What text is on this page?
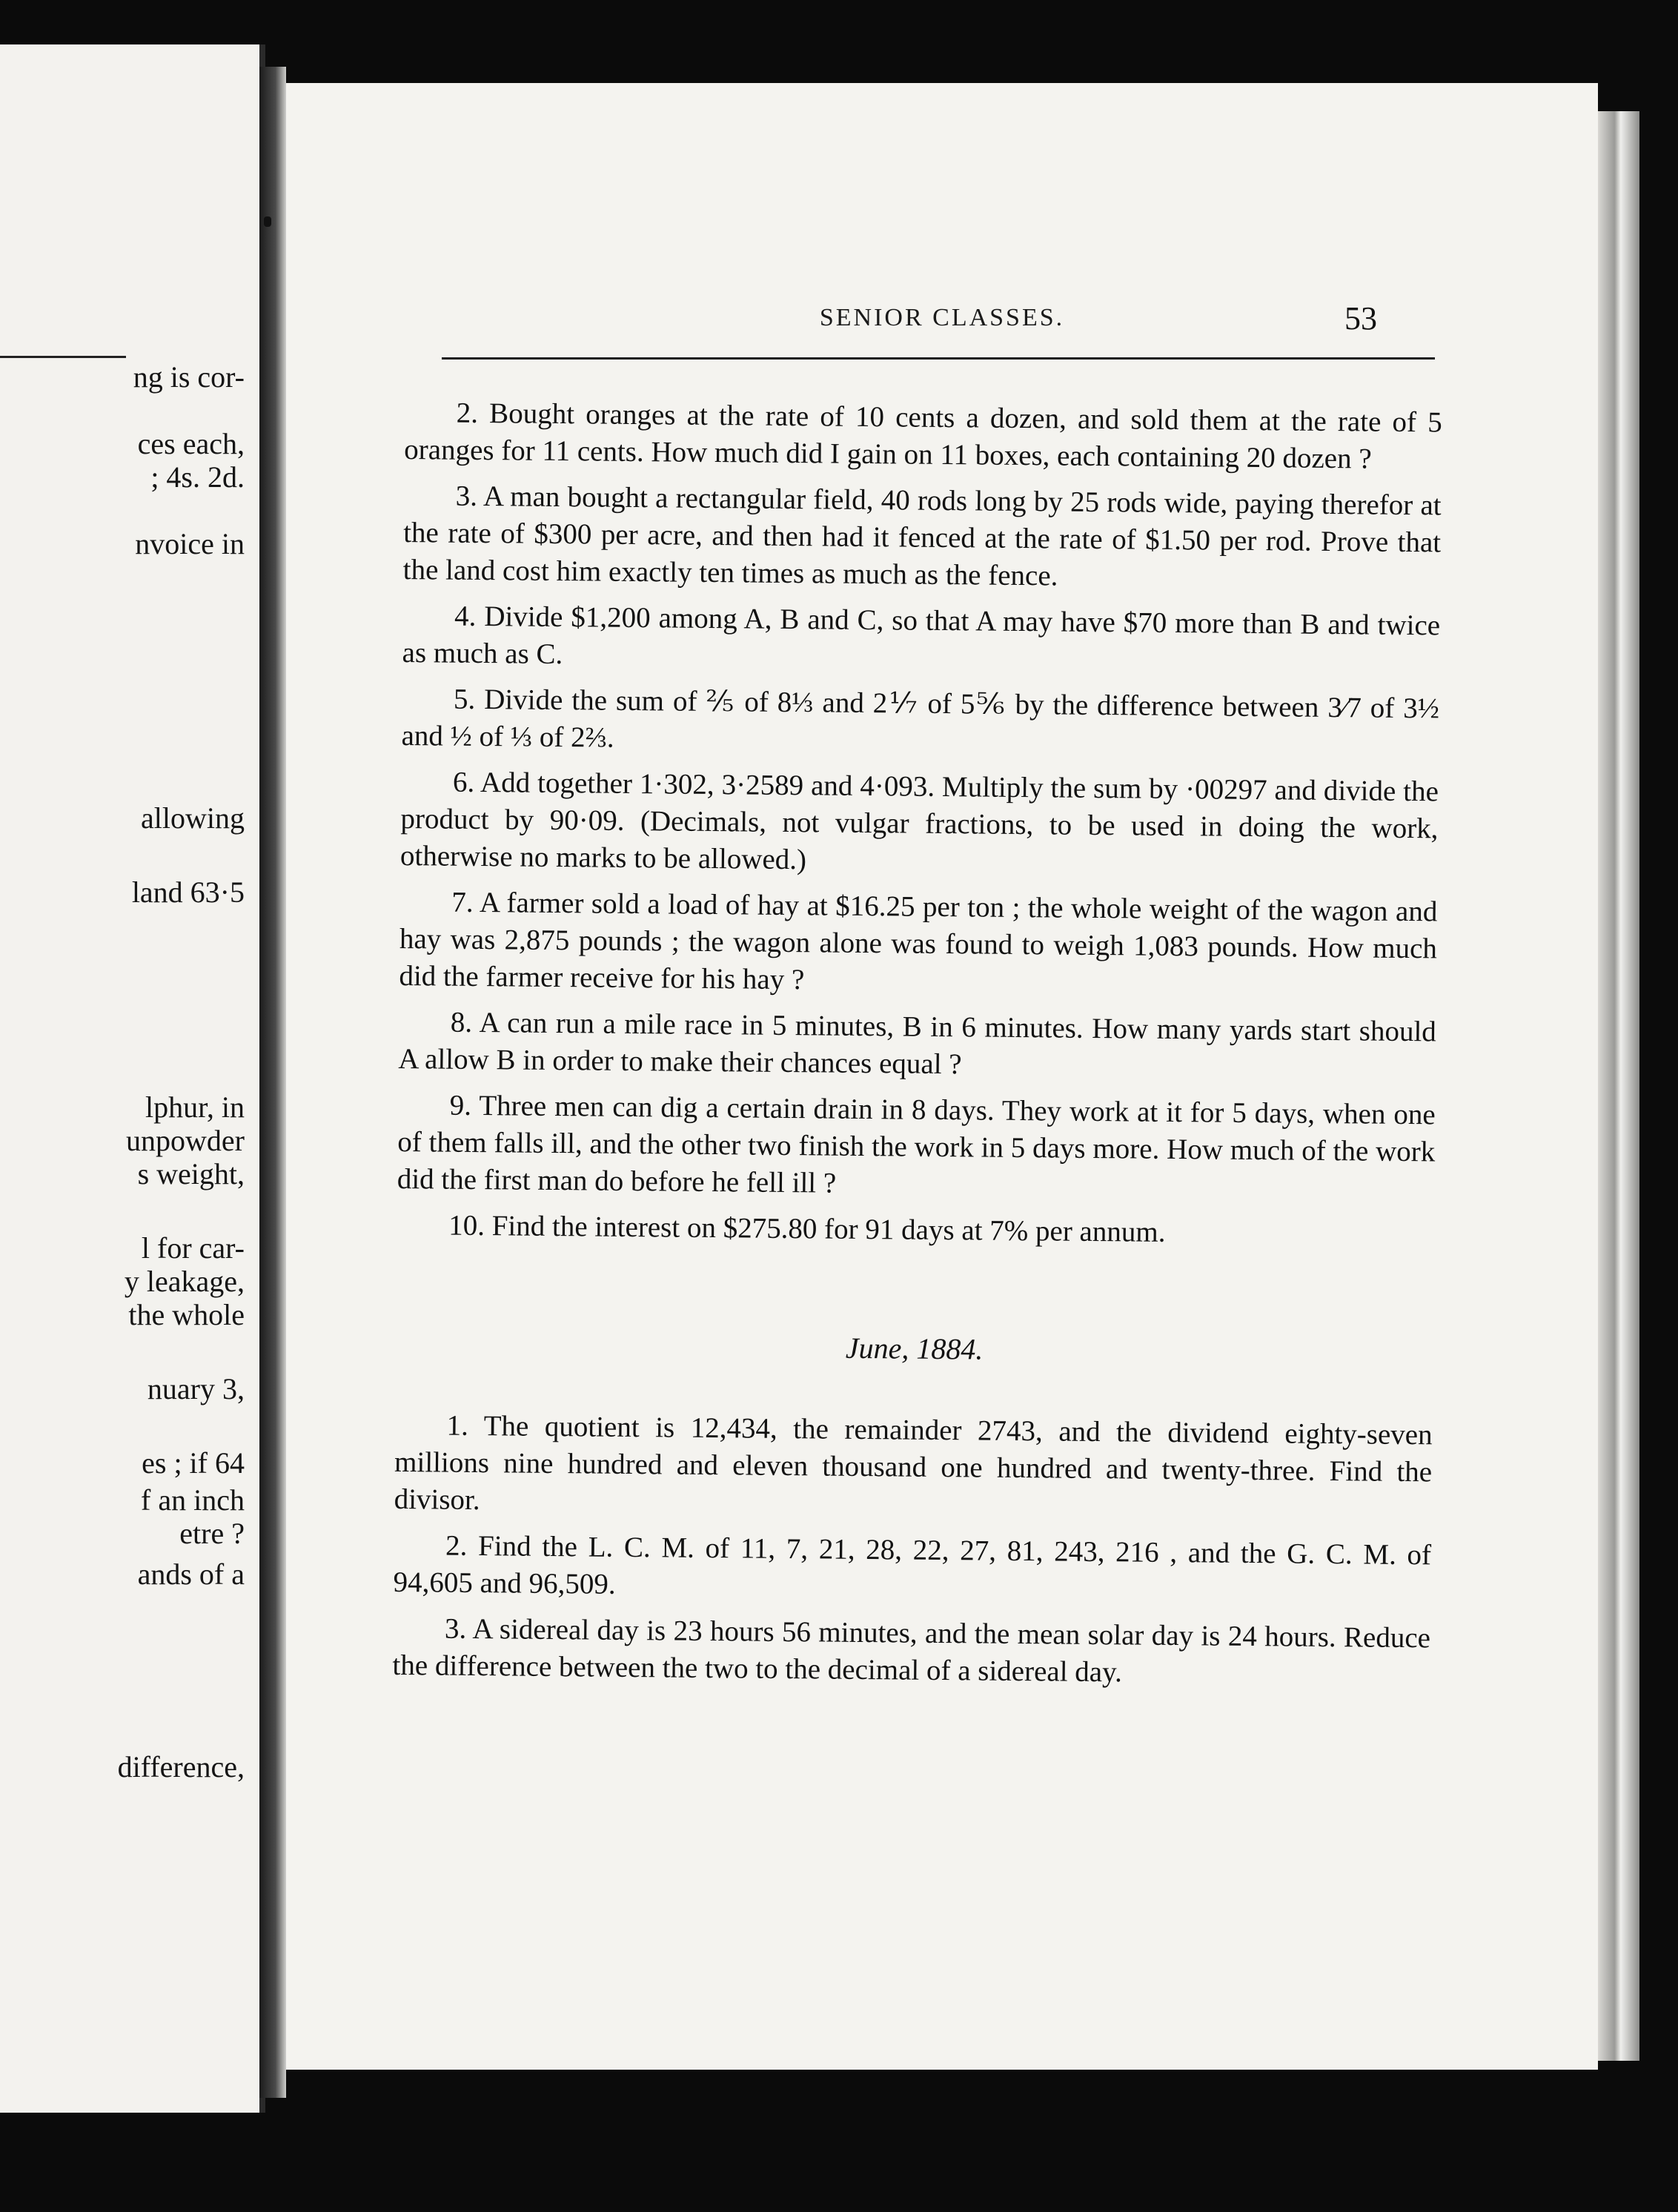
ng is cor-
ces each,
; 4s. 2d.
nvoice in
allowing
land 63·5
lphur, in
unpowder
s weight,
l for car-
y leakage,
the whole
nuary 3,
es ; if 64
f an inch
etre ?
ands of a
difference,
SENIOR CLASSES.	53

2. Bought oranges at the rate of 10 cents a dozen, and sold them at the rate of 5 oranges for 11 cents. How much did I gain on 11 boxes, each containing 20 dozen ?

3. A man bought a rectangular field, 40 rods long by 25 rods wide, paying therefor at the rate of $300 per acre, and then had it fenced at the rate of $1.50 per rod. Prove that the land cost him exactly ten times as much as the fence.

4. Divide $1,200 among A, B and C, so that A may have $70 more than B and twice as much as C.

5. Divide the sum of ⅖ of 8⅓ and 2⅐ of 5⅚ by the difference between 3⁄7 of 3½ and ½ of ⅓ of 2⅔.

6. Add together 1·302, 3·2589 and 4·093. Multiply the sum by ·00297 and divide the product by 90·09. (Decimals, not vulgar fractions, to be used in doing the work, otherwise no marks to be allowed.)

7. A farmer sold a load of hay at $16.25 per ton ; the whole weight of the wagon and hay was 2,875 pounds ; the wagon alone was found to weigh 1,083 pounds. How much did the farmer receive for his hay ?

8. A can run a mile race in 5 minutes, B in 6 minutes. How many yards start should A allow B in order to make their chances equal ?

9. Three men can dig a certain drain in 8 days. They work at it for 5 days, when one of them falls ill, and the other two finish the work in 5 days more. How much of the work did the first man do before he fell ill ?

10. Find the interest on $275.80 for 91 days at 7% per annum.

June, 1884.

1. The quotient is 12,434, the remainder 2743, and the dividend eighty-seven millions nine hundred and eleven thousand one hundred and twenty-three. Find the divisor.

2. Find the L. C. M. of 11, 7, 21, 28, 22, 27, 81, 243, 216 , and the G. C. M. of 94,605 and 96,509.

3. A sidereal day is 23 hours 56 minutes, and the mean solar day is 24 hours. Reduce the difference between the two to the decimal of a sidereal day.
